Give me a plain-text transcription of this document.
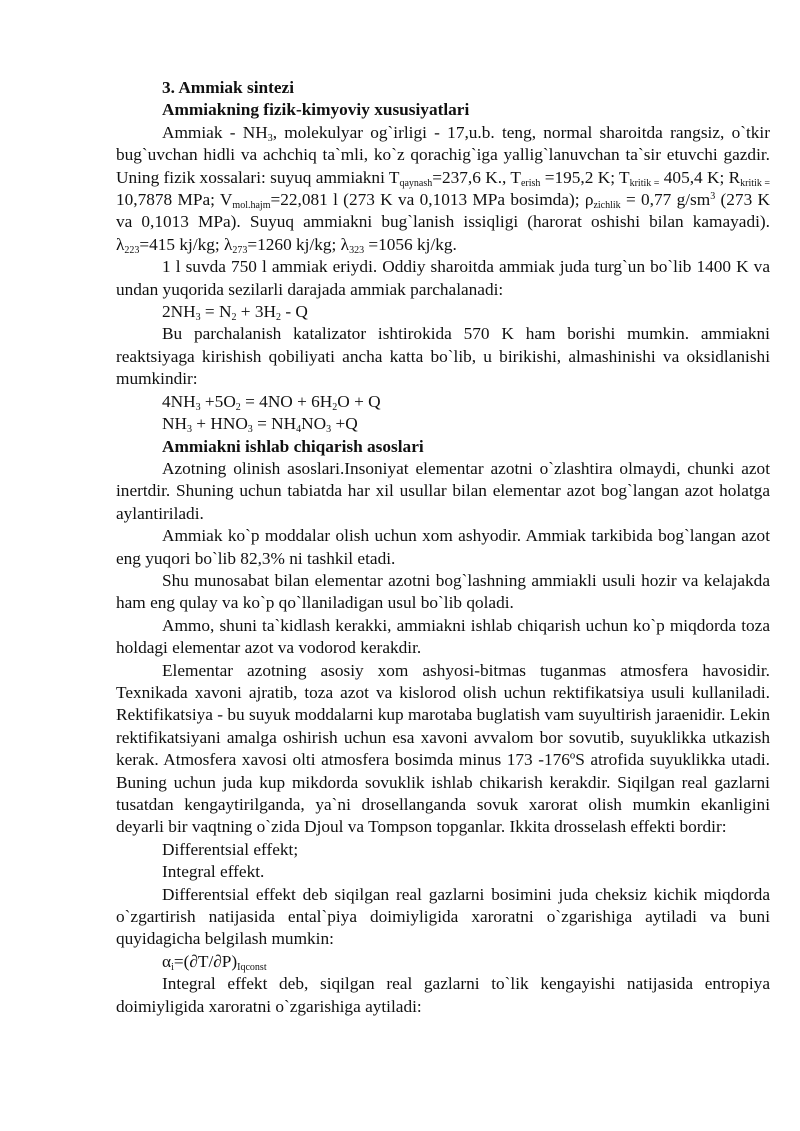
3. Ammiak sintezi

Ammiakning fizik-kimyoviy xususiyatlari

Ammiak - $NH_3$, molekulyar og`irligi - 17,u.b. teng, normal sharoitda rangsiz, o`tkir bug`uvchan hidli va achchiq ta`mli, ko`z qorachig`iga yallig`lanuvchan ta`sir etuvchi gazdir. Uning fizik xossalari: suyuq ammiakni $T_{qaynash}=237,6$ K., $T_{erish} =195,2$ K; $T_{kritik =}$ 405,4 K; $R_{kritik =}$ 10,7878 MPa; $V_{mol.hajm}=22,081$ l (273 K va 0,1013 MPa bosimda); $\rho_{zichlik} = 0,77$ $g/sm^3$ (273 K va 0,1013 MPa). Suyuq ammiakni bug`lanish issiqligi (harorat oshishi bilan kamayadi). $\lambda_{223}=415$ kj/kg; $\lambda_{273}=1260$ kj/kg; $\lambda_{323} =1056$ kj/kg.

1 l suvda 750 l ammiak eriydi. Oddiy sharoitda ammiak juda turg`un bo`lib 1400 K va undan yuqorida sezilarli darajada ammiak parchalanadi:

$2NH_3 = N_2 + 3H_2 - Q$

Bu parchalanish katalizator ishtirokida 570 K ham borishi mumkin. ammiakni reaktsiyaga kirishish qobiliyati ancha katta bo`lib, u birikishi, almashinishi va oksidlanishi mumkindir:

$4NH_3 +5O_2 = 4NO + 6H_2O + Q$

$NH_3 + HNO_3 = NH_4NO_3 +Q$

Ammiakni ishlab chiqarish asoslari

Azotning olinish asoslari.Insoniyat elementar azotni o`zlashtira olmaydi, chunki azot inertdir. Shuning uchun tabiatda har xil usullar bilan elementar azot bog`langan azot holatga aylantiriladi.

Ammiak ko`p moddalar olish uchun xom ashyodir. Ammiak tarkibida bog`langan azot eng yuqori bo`lib 82,3% ni tashkil etadi.

Shu munosabat bilan elementar azotni bog`lashning ammiakli usuli hozir va kelajakda ham eng qulay va ko`p qo`llaniladigan usul bo`lib qoladi.

Ammo, shuni ta`kidlash kerakki, ammiakni ishlab chiqarish uchun ko`p miqdorda toza holdagi elementar azot va vodorod kerakdir.

Elementar azotning asosiy xom ashyosi-bitmas tuganmas atmosfera havosidir. Texnikada xavoni ajratib, toza azot va kislorod olish uchun rektifikatsiya usuli kullaniladi. Rektifikatsiya - bu suyuk moddalarni kup marotaba buglatish vam suyultirish jaraenidir. Lekin rektifikatsiyani amalga oshirish uchun esa xavoni avvalom bor sovutib, suyuklikka utkazish kerak. Atmosfera xavosi olti atmosfera bosimda minus 173 -176ºS atrofida suyuklikka utadi. Buning uchun juda kup mikdorda sovuklik ishlab chikarish kerakdir. Siqilgan real gazlarni tusatdan kengaytirilganda, ya`ni drosellanganda sovuk xarorat olish mumkin ekanligini deyarli bir vaqtning o`zida Djoul va Tompson topganlar. Ikkita drosselash effekti bordir:

Differentsial effekt;

Integral effekt.

Differentsial effekt deb siqilgan real gazlarni bosimini juda cheksiz kichik miqdorda o`zgartirish natijasida ental`piya doimiyligida xaroratni o`zgarishiga aytiladi va buni quyidagicha belgilash mumkin:

$\alpha_i=(\partial T/\partial P)_{Iqconst}$

Integral effekt deb, siqilgan real gazlarni to`lik kengayishi natijasida entropiya doimiyligida xaroratni o`zgarishiga aytiladi:
